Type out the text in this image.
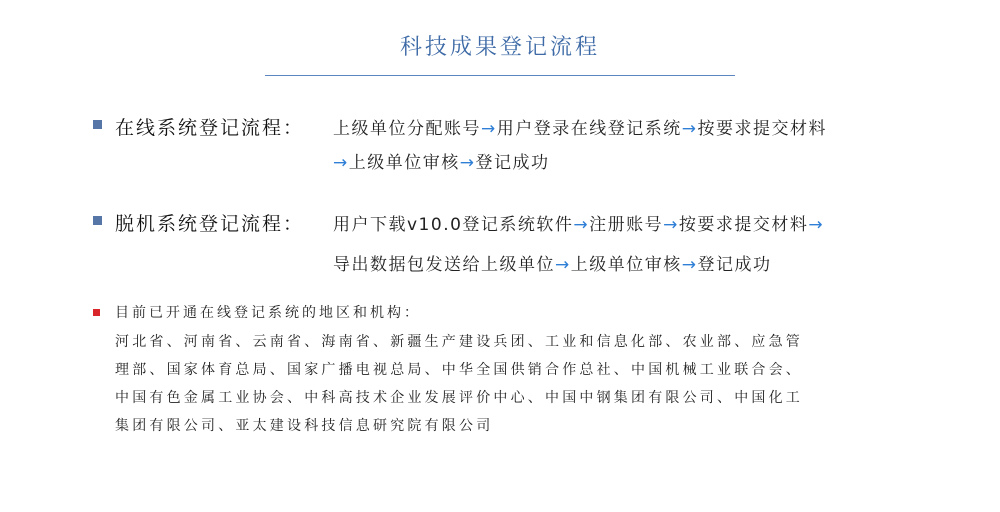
科技成果登记流程
在线系统登记流程： 上级单位分配账号→用户登录在线登记系统→按要求提交材料
→上级单位审核→登记成功
脱机系统登记流程： 用户下载v10.0登记系统软件→注册账号→按要求提交材料→
导出数据包发送给上级单位→上级单位审核→登记成功
目前已开通在线登记系统的地区和机构：
河北省、河南省、云南省、海南省、新疆生产建设兵团、工业和信息化部、农业部、应急管
理部、国家体育总局、国家广播电视总局、中华全国供销合作总社、中国机械工业联合会、
中国有色金属工业协会、中科高技术企业发展评价中心、中国中钢集团有限公司、中国化工
集团有限公司、亚太建设科技信息研究院有限公司
